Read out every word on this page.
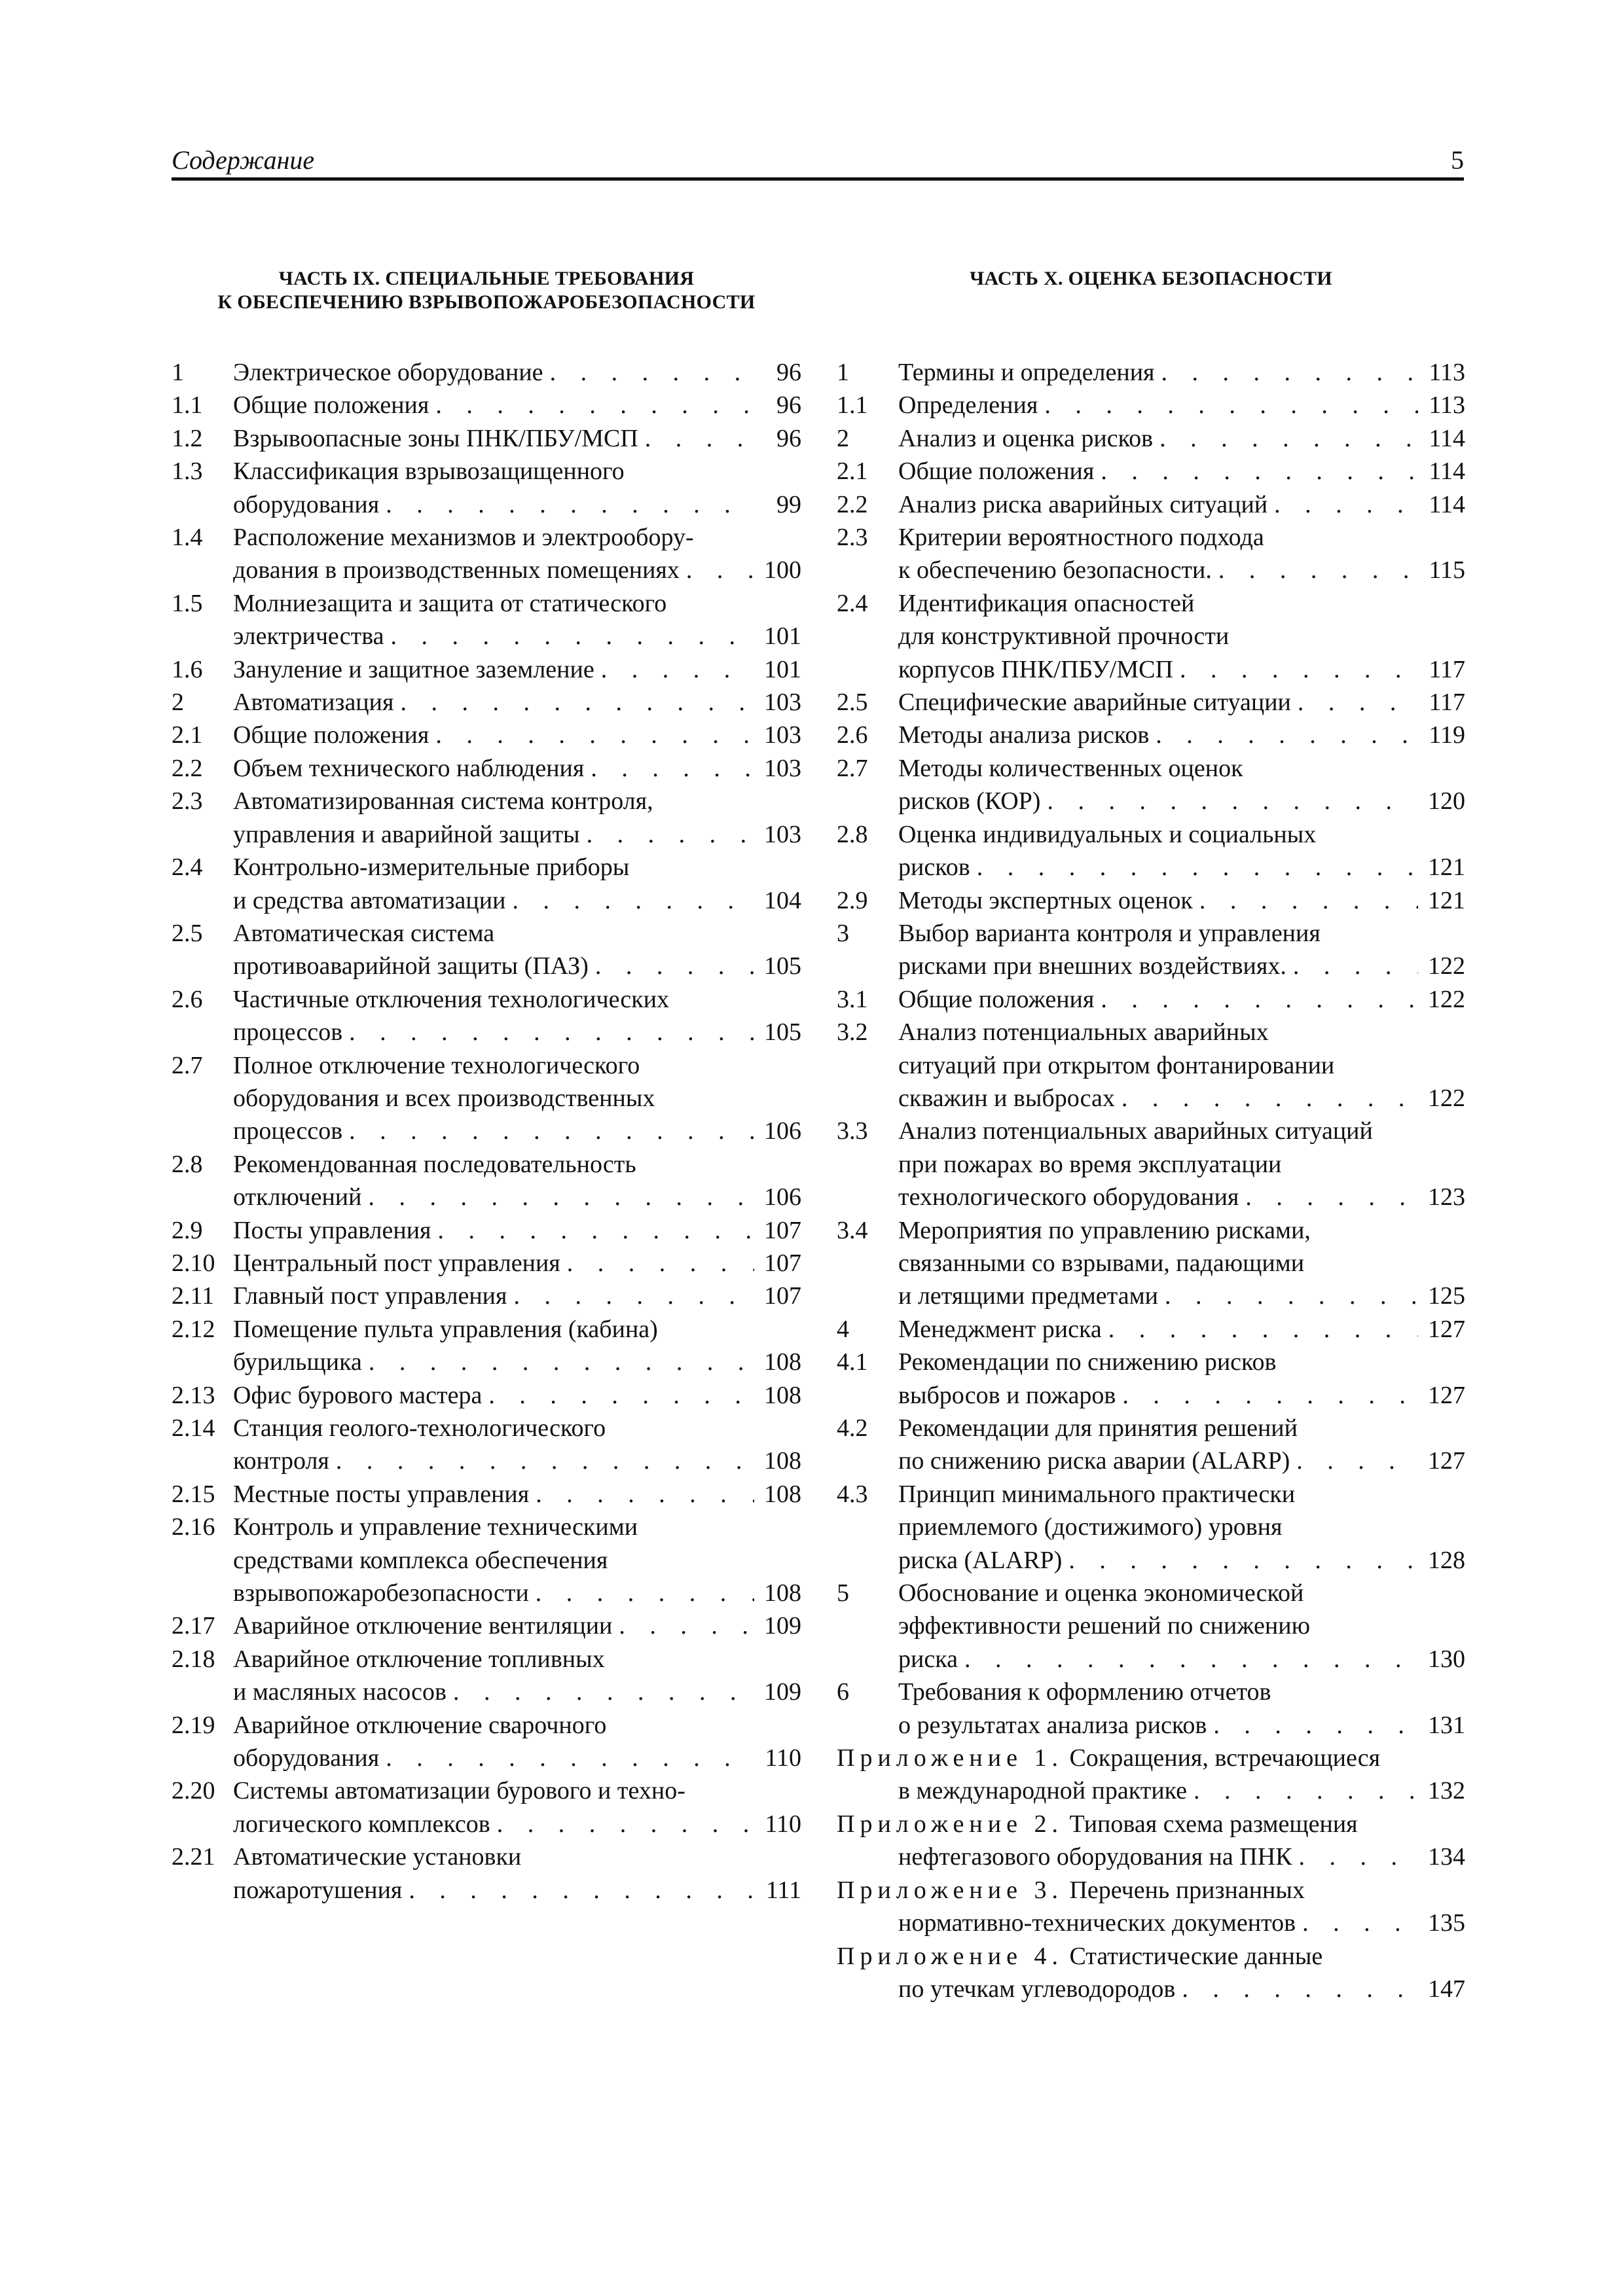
Содержание	5
ЧАСТЬ IX. СПЕЦИАЛЬНЫЕ ТРЕБОВАНИЯ
К ОБЕСПЕЧЕНИЮ ВЗРЫВОПОЖАРОБЕЗОПАСНОСТИ
1 Электрическое оборудование . . .	96
1.1 Общие положения . . .	96
1.2 Взрывоопасные зоны ПНК/ПБУ/МСП . . .	96
1.3 Классификация взрывозащищенного
оборудования . . .	99
1.4 Расположение механизмов и электрообору-
дования в производственных помещениях . . .	100
1.5 Молниезащита и защита от статического
электричества . . .	101
1.6 Зануление и защитное заземление . . .	101
2 Автоматизация . . .	103
2.1 Общие положения . . .	103
2.2 Объем технического наблюдения . . .	103
2.3 Автоматизированная система контроля,
управления и аварийной защиты . . .	103
2.4 Контрольно-измерительные приборы
и средства автоматизации . . .	104
2.5 Автоматическая система
противоаварийной защиты (ПАЗ) . . .	105
2.6 Частичные отключения технологических
процессов . . .	105
2.7 Полное отключение технологического
оборудования и всех производственных
процессов . . .	106
2.8 Рекомендованная последовательность
отключений . . .	106
2.9 Посты управления . . .	107
2.10 Центральный пост управления . . .	107
2.11 Главный пост управления . . .	107
2.12 Помещение пульта управления (кабина)
бурильщика . . .	108
2.13 Офис бурового мастера . . .	108
2.14 Станция геолого-технологического
контроля . . .	108
2.15 Местные посты управления . . .	108
2.16 Контроль и управление техническими
средствами комплекса обеспечения
взрывопожаробезопасности . . .	108
2.17 Аварийное отключение вентиляции . . .	109
2.18 Аварийное отключение топливных
и масляных насосов . . .	109
2.19 Аварийное отключение сварочного
оборудования . . .	110
2.20 Системы автоматизации бурового и техно-
логического комплексов . . .	110
2.21 Автоматические установки
пожаротушения . . .	111
ЧАСТЬ X. ОЦЕНКА БЕЗОПАСНОСТИ
1 Термины и определения . . .	113
1.1 Определения . . .	113
2 Анализ и оценка рисков . . .	114
2.1 Общие положения . . .	114
2.2 Анализ риска аварийных ситуаций . . .	114
2.3 Критерии вероятностного подхода
к обеспечению безопасности. . . .	115
2.4 Идентификация опасностей
для конструктивной прочности
корпусов ПНК/ПБУ/МСП . . .	117
2.5 Специфические аварийные ситуации . . .	117
2.6 Методы анализа рисков . . .	119
2.7 Методы количественных оценок
рисков (КОР) . . .	120
2.8 Оценка индивидуальных и социальных
рисков . . .	121
2.9 Методы экспертных оценок . . .	121
3 Выбор варианта контроля и управления
рисками при внешних воздействиях. . . .	122
3.1 Общие положения . . .	122
3.2 Анализ потенциальных аварийных
ситуаций при открытом фонтанировании
скважин и выбросах . . .	122
3.3 Анализ потенциальных аварийных ситуаций
при пожарах во время эксплуатации
технологического оборудования . . .	123
3.4 Мероприятия по управлению рисками,
связанными со взрывами, падающими
и летящими предметами . . .	125
4 Менеджмент риска . . .	127
4.1 Рекомендации по снижению рисков
выбросов и пожаров . . .	127
4.2 Рекомендации для принятия решений
по снижению риска аварии (ALARP) . . .	127
4.3 Принцип минимального практически
приемлемого (достижимого) уровня
риска (ALARP) . . .	128
5 Обоснование и оценка экономической
эффективности решений по снижению
риска . . .	130
6 Требования к оформлению отчетов
о результатах анализа рисков . . .	131
Приложение 1. Сокращения, встречающиеся
в международной практике . . .	132
Приложение 2. Типовая схема размещения
нефтегазового оборудования на ПНК . . .	134
Приложение 3. Перечень признанных
нормативно-технических документов . . .	135
Приложение 4. Статистические данные
по утечкам углеводородов . . .	147
